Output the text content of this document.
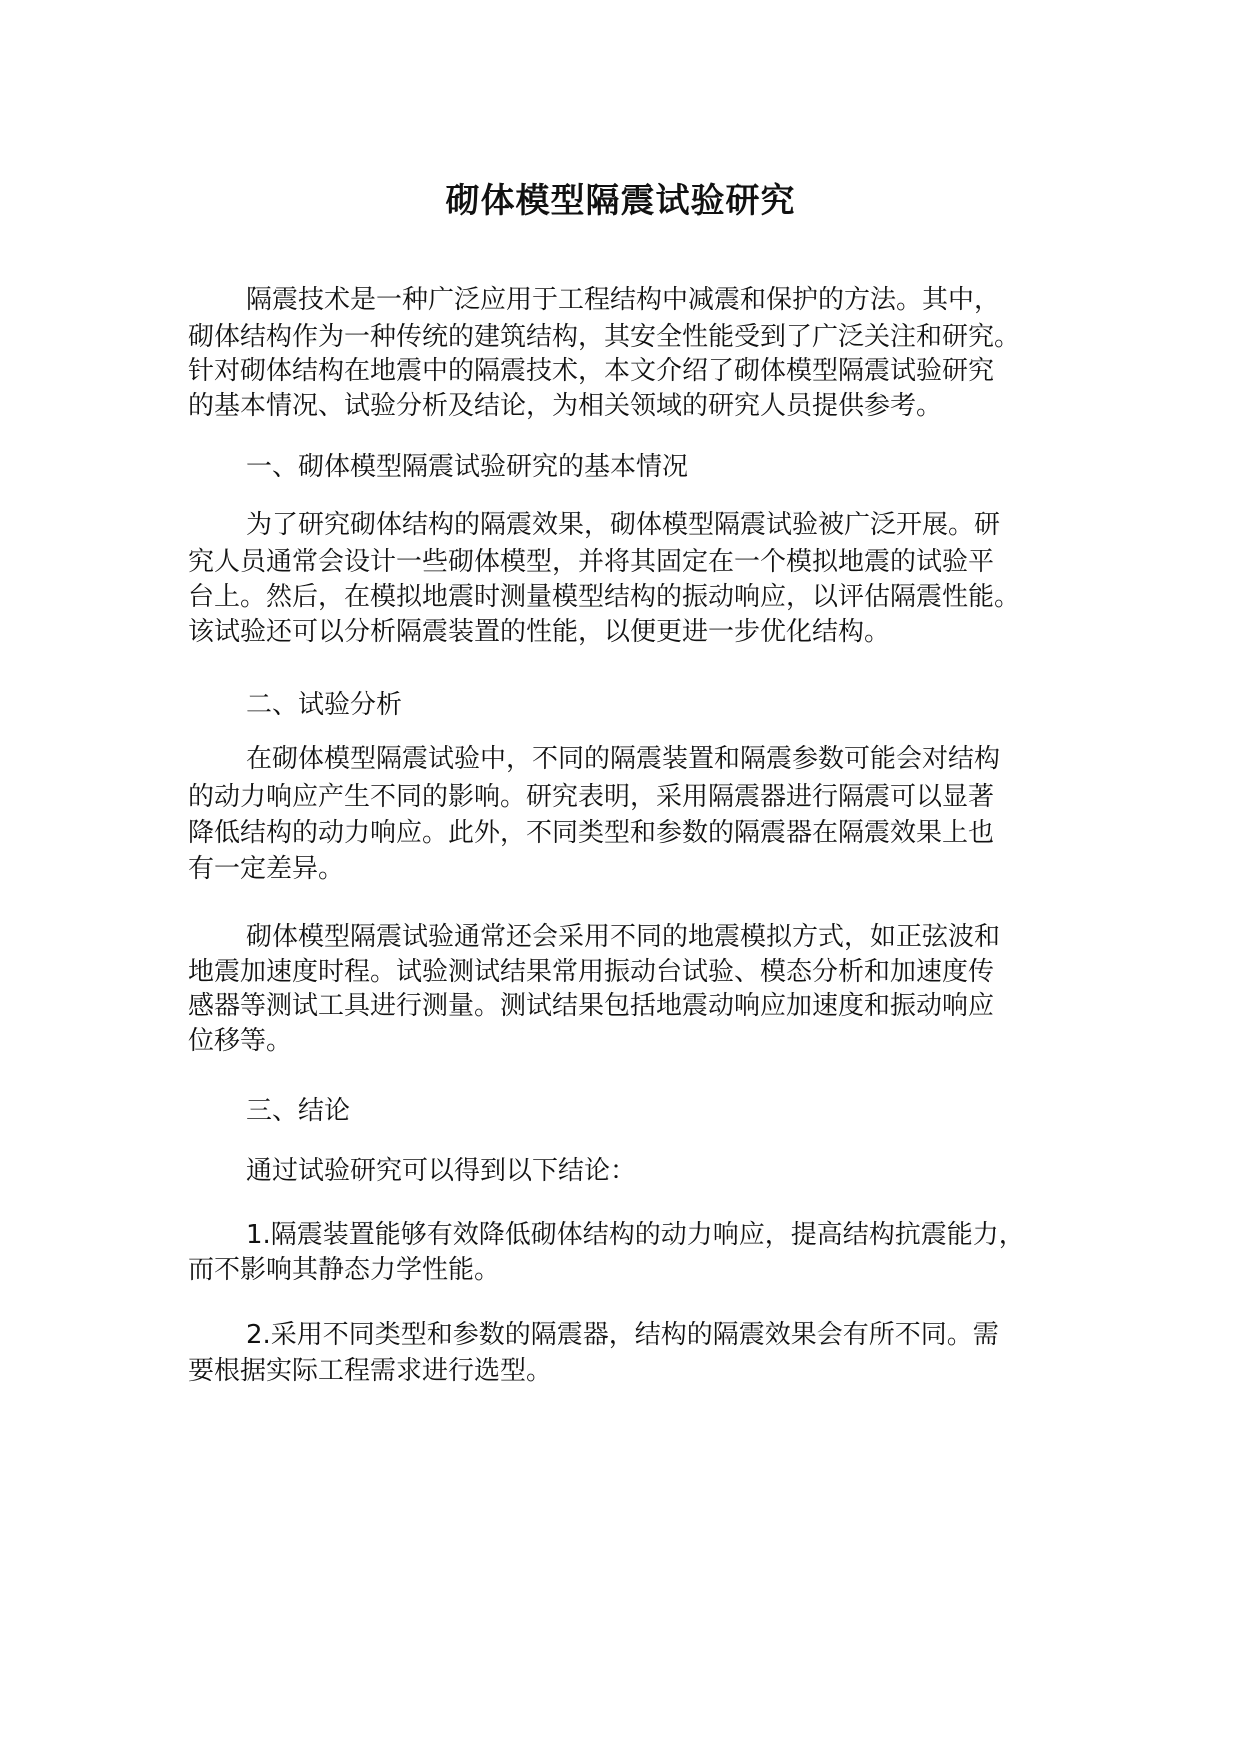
砌体模型隔震试验研究
隔震技术是一种广泛应用于工程结构中减震和保护的方法。其中，
砌体结构作为一种传统的建筑结构，其安全性能受到了广泛关注和研究。
针对砌体结构在地震中的隔震技术，本文介绍了砌体模型隔震试验研究
的基本情况、试验分析及结论，为相关领域的研究人员提供参考。
一、砌体模型隔震试验研究的基本情况
为了研究砌体结构的隔震效果，砌体模型隔震试验被广泛开展。研
究人员通常会设计一些砌体模型，并将其固定在一个模拟地震的试验平
台上。然后，在模拟地震时测量模型结构的振动响应，以评估隔震性能。
该试验还可以分析隔震装置的性能，以便更进一步优化结构。
二、试验分析
在砌体模型隔震试验中，不同的隔震装置和隔震参数可能会对结构
的动力响应产生不同的影响。研究表明，采用隔震器进行隔震可以显著
降低结构的动力响应。此外，不同类型和参数的隔震器在隔震效果上也
有一定差异。
砌体模型隔震试验通常还会采用不同的地震模拟方式，如正弦波和
地震加速度时程。试验测试结果常用振动台试验、模态分析和加速度传
感器等测试工具进行测量。测试结果包括地震动响应加速度和振动响应
位移等。
三、结论
通过试验研究可以得到以下结论：
1.隔震装置能够有效降低砌体结构的动力响应，提高结构抗震能力，
而不影响其静态力学性能。
2.采用不同类型和参数的隔震器，结构的隔震效果会有所不同。需
要根据实际工程需求进行选型。
